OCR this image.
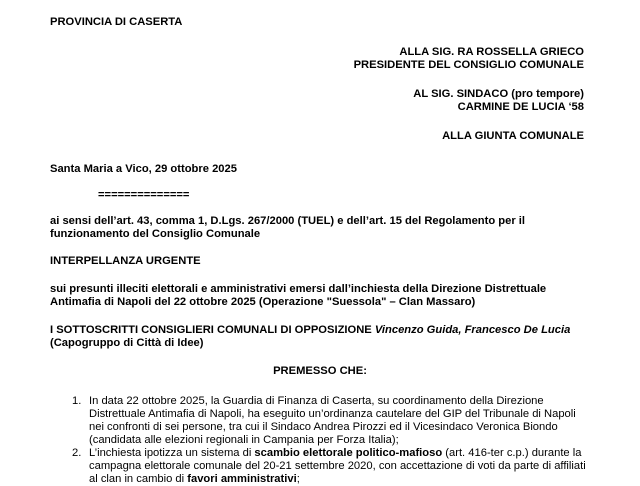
PROVINCIA DI CASERTA
ALLA SIG. RA ROSSELLA GRIECO
PRESIDENTE DEL CONSIGLIO COMUNALE
AL SIG. SINDACO (pro tempore)
CARMINE DE LUCIA ‘58
ALLA GIUNTA COMUNALE
Santa Maria a Vico, 29 ottobre 2025
==============
ai sensi dell’art. 43, comma 1, D.Lgs. 267/2000 (TUEL) e dell’art. 15 del Regolamento per il
funzionamento del Consiglio Comunale
INTERPELLANZA URGENTE
sui presunti illeciti elettorali e amministrativi emersi dall’inchiesta della Direzione Distrettuale
Antimafia di Napoli del 22 ottobre 2025 (Operazione "Suessola" – Clan Massaro)
I SOTTOSCRITTI CONSIGLIERI COMUNALI DI OPPOSIZIONE Vincenzo Guida, Francesco De Lucia
(Capogruppo di Città di Idee)
PREMESSO CHE:
1. In data 22 ottobre 2025, la Guardia di Finanza di Caserta, su coordinamento della Direzione
Distrettuale Antimafia di Napoli, ha eseguito un’ordinanza cautelare del GIP del Tribunale di Napoli
nei confronti di sei persone, tra cui il Sindaco Andrea Pirozzi ed il Vicesindaco Veronica Biondo
(candidata alle elezioni regionali in Campania per Forza Italia);
2. L’inchiesta ipotizza un sistema di scambio elettorale politico-mafioso (art. 416-ter c.p.) durante la
campagna elettorale comunale del 20-21 settembre 2020, con accettazione di voti da parte di affiliati
al clan in cambio di favori amministrativi;
